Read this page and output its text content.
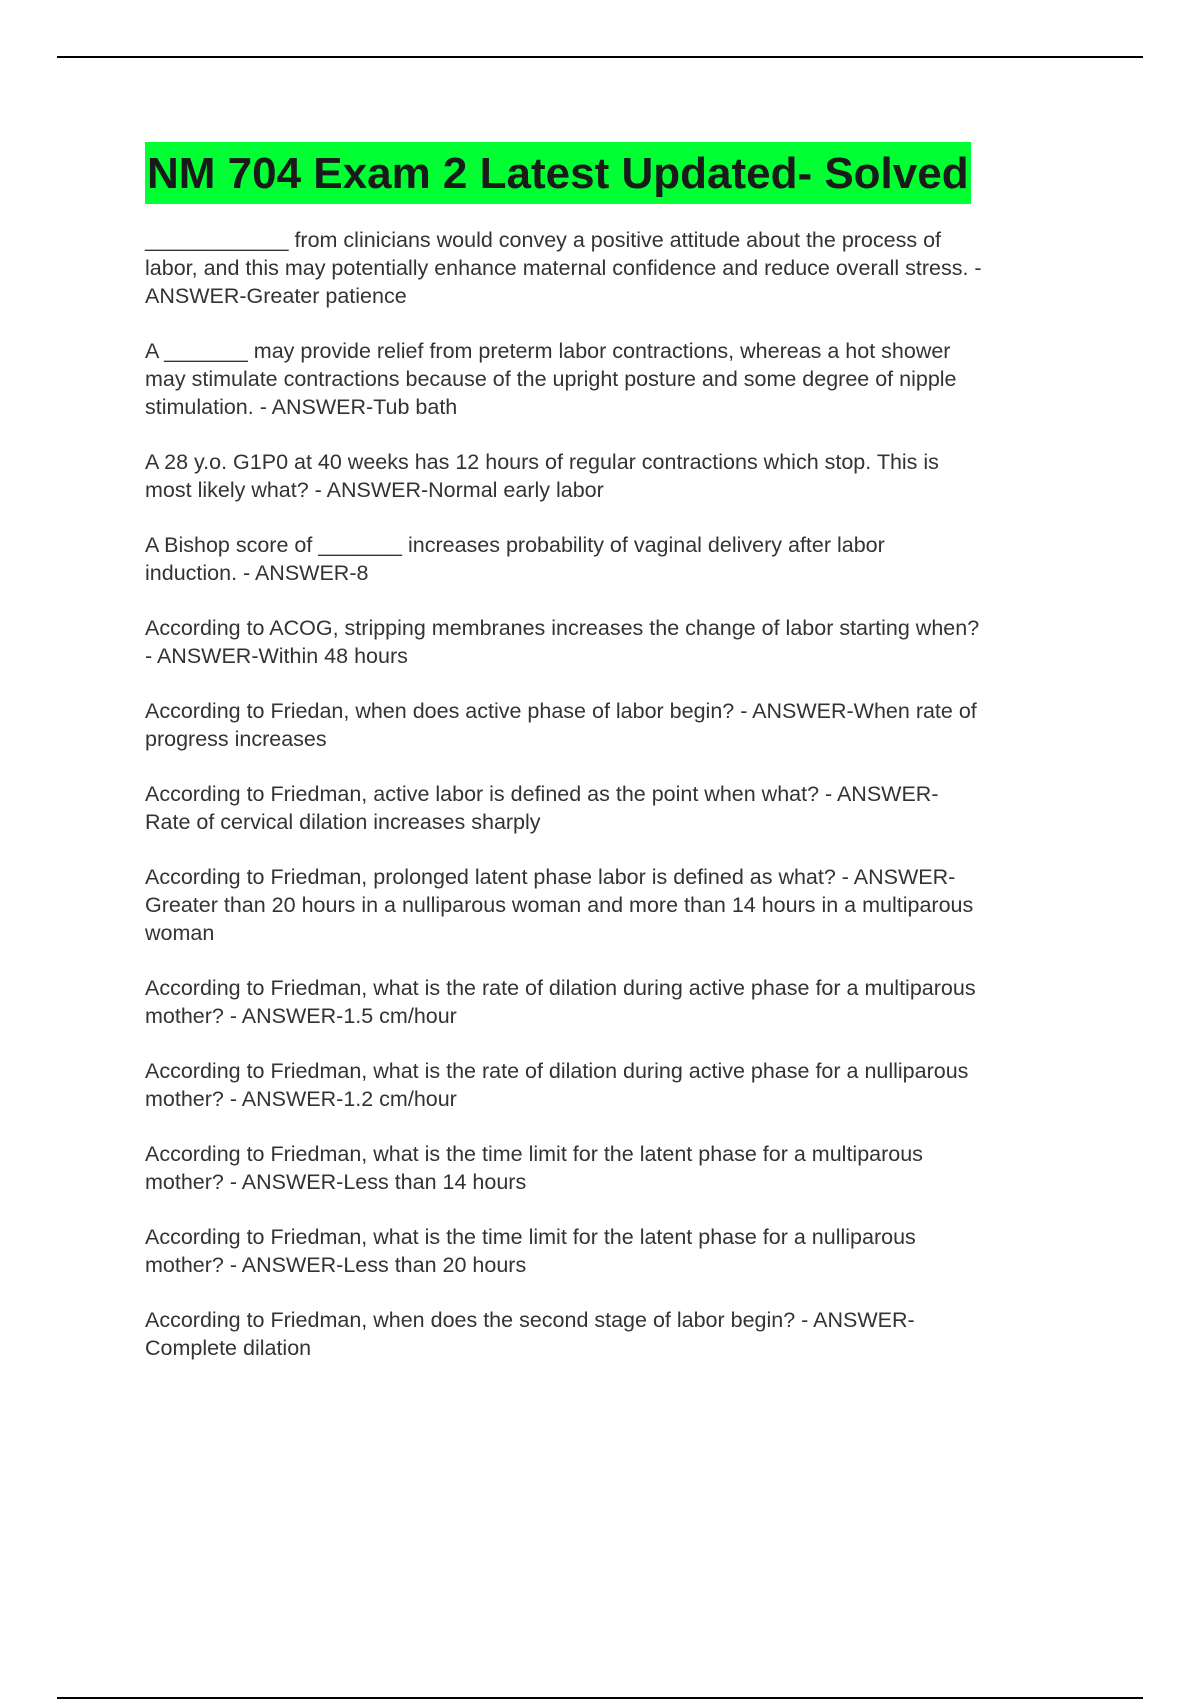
NM 704 Exam 2 Latest Updated- Solved

____________ from clinicians would convey a positive attitude about the process of
labor, and this may potentially enhance maternal confidence and reduce overall stress. -
ANSWER-Greater patience

A _______ may provide relief from preterm labor contractions, whereas a hot shower
may stimulate contractions because of the upright posture and some degree of nipple
stimulation. - ANSWER-Tub bath

A 28 y.o. G1P0 at 40 weeks has 12 hours of regular contractions which stop. This is
most likely what? - ANSWER-Normal early labor

A Bishop score of _______ increases probability of vaginal delivery after labor
induction. - ANSWER-8

According to ACOG, stripping membranes increases the change of labor starting when?
- ANSWER-Within 48 hours

According to Friedan, when does active phase of labor begin? - ANSWER-When rate of
progress increases

According to Friedman, active labor is defined as the point when what? - ANSWER-
Rate of cervical dilation increases sharply

According to Friedman, prolonged latent phase labor is defined as what? - ANSWER-
Greater than 20 hours in a nulliparous woman and more than 14 hours in a multiparous
woman

According to Friedman, what is the rate of dilation during active phase for a multiparous
mother? - ANSWER-1.5 cm/hour

According to Friedman, what is the rate of dilation during active phase for a nulliparous
mother? - ANSWER-1.2 cm/hour

According to Friedman, what is the time limit for the latent phase for a multiparous
mother? - ANSWER-Less than 14 hours

According to Friedman, what is the time limit for the latent phase for a nulliparous
mother? - ANSWER-Less than 20 hours

According to Friedman, when does the second stage of labor begin? - ANSWER-
Complete dilation
